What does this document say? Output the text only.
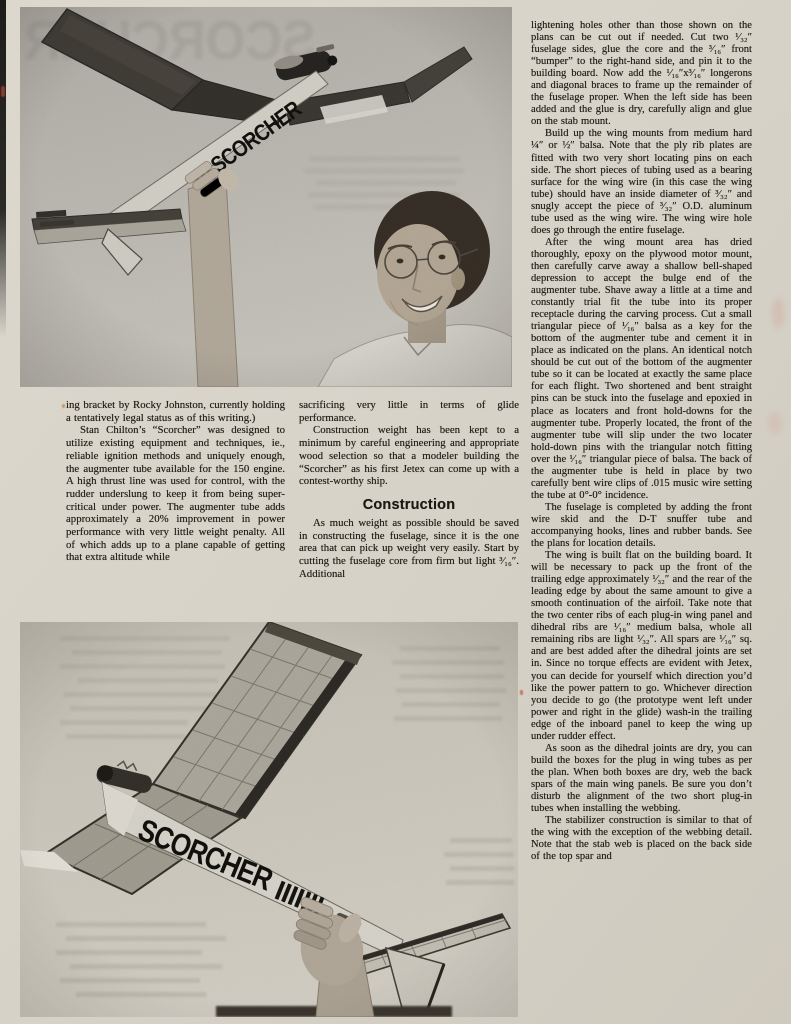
ing bracket by Rocky Johnston, currently holding a tentatively legal status as of this writing.)

Stan Chilton’s “Scorcher” was designed to utilize existing equipment and techniques, ie., reliable ignition methods and uniquely enough, the augmenter tube available for the 150 engine. A high thrust line was used for control, with the rudder underslung to keep it from being super-critical under power. The augmenter tube adds approximately a 20% improvement in power performance with very little weight penalty. All of which adds up to a plane capable of getting that extra altitude while

sacrificing very little in terms of glide performance.

Construction weight has been kept to a minimum by careful engineering and appropriate wood selection so that a modeler building the “Scorcher” as his first Jetex can come up with a contest-worthy ship.

Construction

As much weight as possible should be saved in constructing the fuselage, since it is the one area that can pick up weight very easily. Start by cutting the fuselage core from firm but light ³⁄₁₆″. Additional

lightening holes other than those shown on the plans can be cut out if needed. Cut two ¹⁄₃₂″ fuselage sides, glue the core and the ³⁄₁₆″ front “bumper” to the right-hand side, and pin it to the building board. Now add the ¹⁄₁₆″x³⁄₁₆″ longerons and diagonal braces to frame up the remainder of the fuselage proper. When the left side has been added and the glue is dry, carefully align and glue on the stab mount.

Build up the wing mounts from medium hard ¼″ or ½″ balsa. Note that the ply rib plates are fitted with two very short locating pins on each side. The short pieces of tubing used as a bearing surface for the wing wire (in this case the wing tube) should have an inside diameter of ³⁄₃₂″ and snugly accept the piece of ³⁄₃₂″ O.D. aluminum tube used as the wing wire. The wing wire hole does go through the entire fuselage.

After the wing mount area has dried thoroughly, epoxy on the plywood motor mount, then carefully carve away a shallow bell-shaped depression to accept the bulge end of the augmenter tube. Shave away a little at a time and constantly trial fit the tube into its proper receptacle during the carving process. Cut a small triangular piece of ¹⁄₁₆″ balsa as a key for the bottom of the augmenter tube and cement it in place as indicated on the plans. An identical notch should be cut out of the bottom of the augmenter tube so it can be located at exactly the same place for each flight. Two shortened and bent straight pins can be stuck into the fuselage and epoxied in place as locaters and front hold-downs for the augmenter tube. Properly located, the front of the augmenter tube will slip under the two locater hold-down pins with the triangular notch fitting over the ¹⁄₁₆″ triangular piece of balsa. The back of the augmenter tube is held in place by two carefully bent wire clips of .015 music wire setting the tube at 0°-0° incidence.

The fuselage is completed by adding the front wire skid and the D-T snuffer tube and accompanying hooks, lines and rubber bands. See the plans for location details.

The wing is built flat on the building board. It will be necessary to pack up the front of the trailing edge approximately ¹⁄₃₂″ and the rear of the leading edge by about the same amount to give a smooth continuation of the airfoil. Take note that the two center ribs of each plug-in wing panel and dihedral ribs are ¹⁄₁₆″ medium balsa, whole all remaining ribs are light ¹⁄₃₂″. All spars are ¹⁄₁₆″ sq. and are best added after the dihedral joints are set in. Since no torque effects are evident with Jetex, you can decide for yourself which direction you’d like the power pattern to go. Whichever direction you decide to go (the prototype went left under power and right in the glide) wash-in the trailing edge of the inboard panel to keep the wing up under rudder effect.

As soon as the dihedral joints are dry, you can build the boxes for the plug in wing tubes as per the plan. When both boxes are dry, web the back spars of the main wing panels. Be sure you don’t disturb the alignment of the two short plug-in tubes when installing the webbing.

The stabilizer construction is similar to that of the wing with the exception of the webbing detail. Note that the stab web is placed on the back side of the top spar and
